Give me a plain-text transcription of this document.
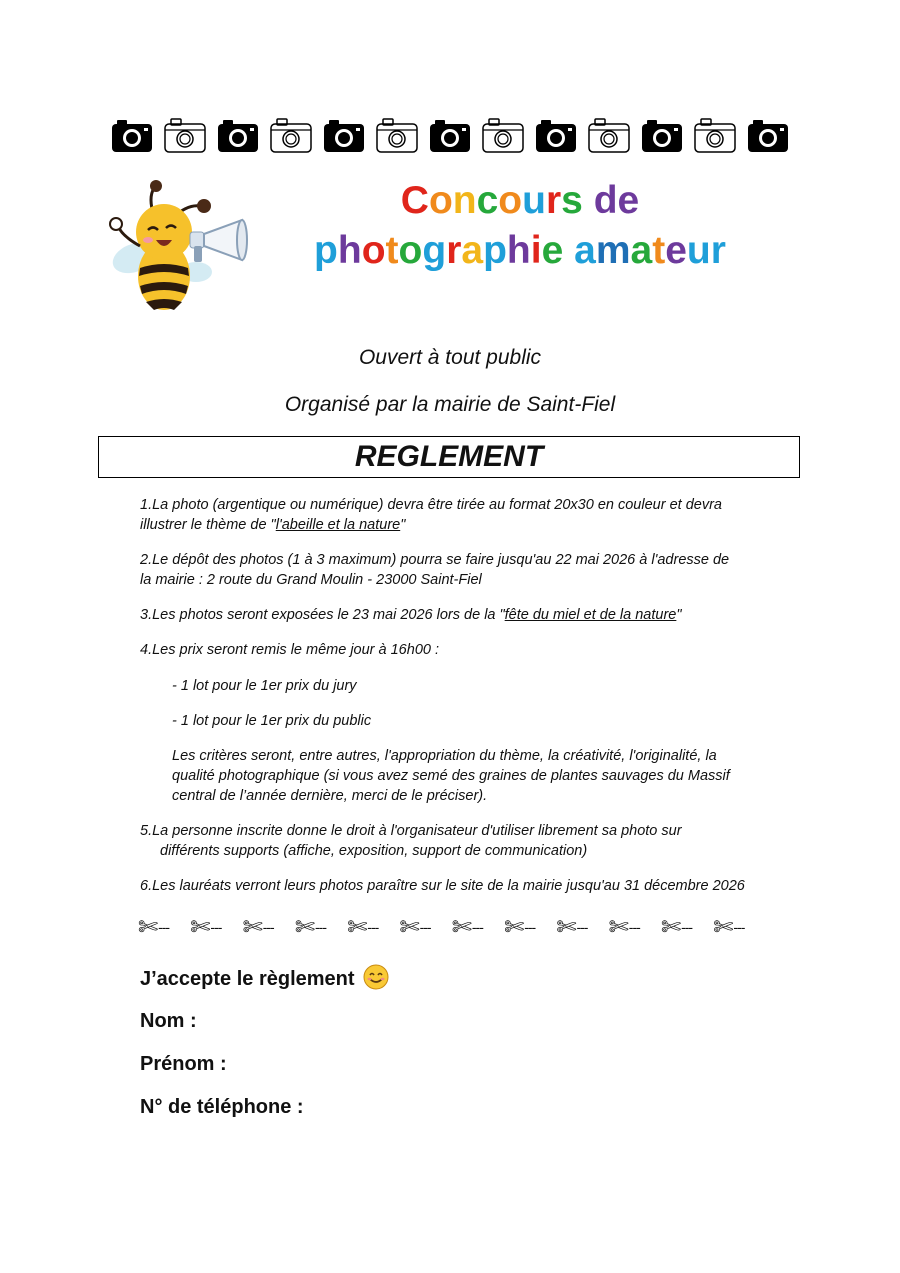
Concours de
photographie amateur
Ouvert à tout public
Organisé par la mairie de Saint-Fiel
REGLEMENT
1.La photo (argentique ou numérique) devra être tirée au format 20x30 en couleur et devra
illustrer le thème de "l'abeille et la nature"
2.Le dépôt des photos (1 à 3 maximum) pourra se faire jusqu'au 22 mai 2026 à l'adresse de
la mairie : 2 route du Grand Moulin - 23000 Saint-Fiel
3.Les photos seront exposées le 23 mai 2026 lors de la "fête du miel et de la nature"
4.Les prix seront remis le même jour à 16h00 :
- 1 lot pour le 1er prix du jury
- 1 lot pour le 1er prix du public
Les critères seront, entre autres, l'appropriation du thème, la créativité, l'originalité, la
qualité photographique (si vous avez semé des graines de plantes sauvages du Massif
central de l’année dernière, merci de le préciser).
5.La personne inscrite donne le droit à l'organisateur d'utiliser librement sa photo sur
différents supports (affiche, exposition, support de communication)
6.Les lauréats verront leurs photos paraître sur le site de la mairie jusqu'au 31 décembre 2026
✄ --- ✄ --- ✄ --- ✄ --- ✄ --- ✄ --- ✄ --- ✄ --- ✄ --- ✄ --- ✄ --- ✄ ---
J’accepte le règlement
Nom :
Prénom :
N° de téléphone :
